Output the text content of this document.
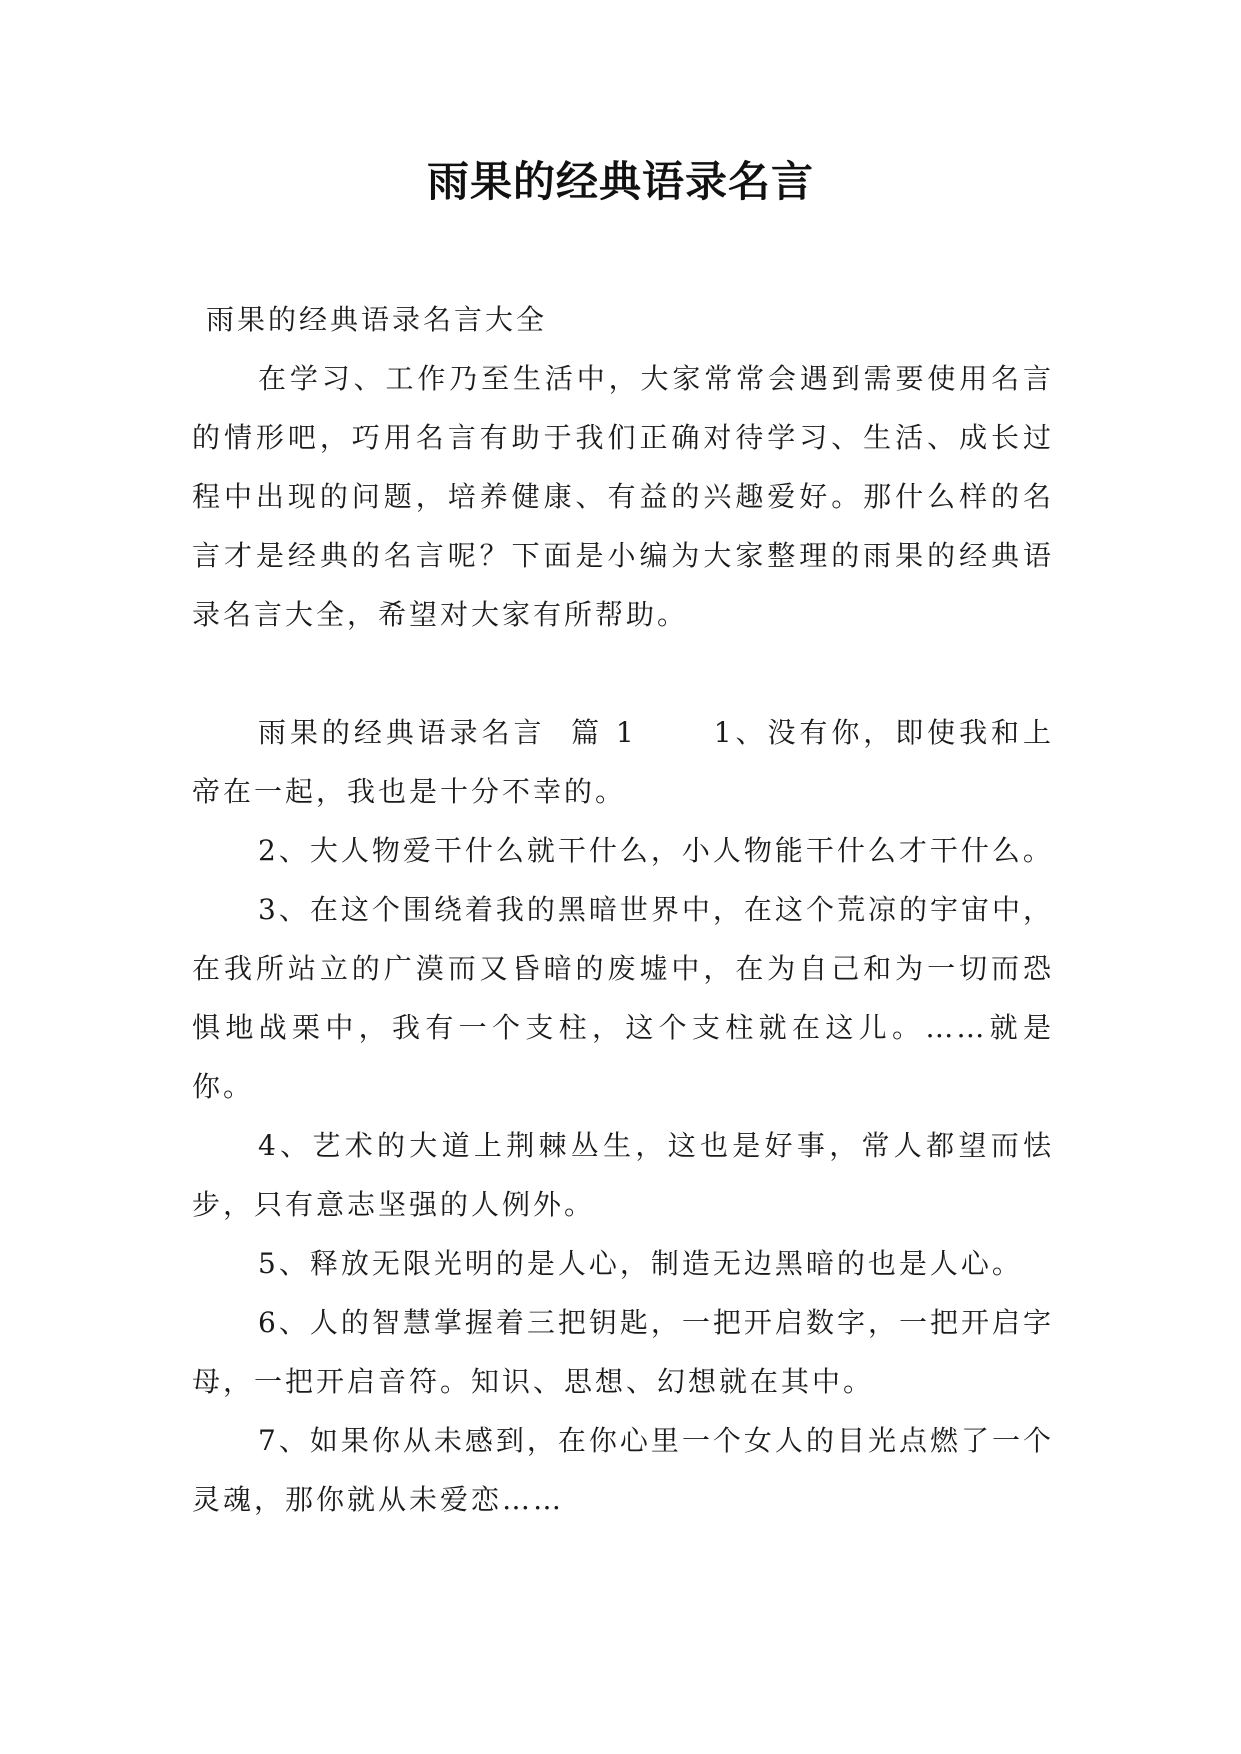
雨果的经典语录名言

雨果的经典语录名言大全

在学习、工作乃至生活中，大家常常会遇到需要使用名言的情形吧，巧用名言有助于我们正确对待学习、生活、成长过程中出现的问题，培养健康、有益的兴趣爱好。那什么样的名言才是经典的名言呢？下面是小编为大家整理的雨果的经典语录名言大全，希望对大家有所帮助。

雨果的经典语录名言  篇 1	1、没有你，即使我和上帝在一起，我也是十分不幸的。

2、大人物爱干什么就干什么，小人物能干什么才干什么。

3、在这个围绕着我的黑暗世界中，在这个荒凉的宇宙中，在我所站立的广漠而又昏暗的废墟中，在为自己和为一切而恐惧地战栗中，我有一个支柱，这个支柱就在这儿。……就是你。

4、艺术的大道上荆棘丛生，这也是好事，常人都望而怯步，只有意志坚强的人例外。

5、释放无限光明的是人心，制造无边黑暗的也是人心。

6、人的智慧掌握着三把钥匙，一把开启数字，一把开启字母，一把开启音符。知识、思想、幻想就在其中。

7、如果你从未感到，在你心里一个女人的目光点燃了一个灵魂，那你就从未爱恋……
